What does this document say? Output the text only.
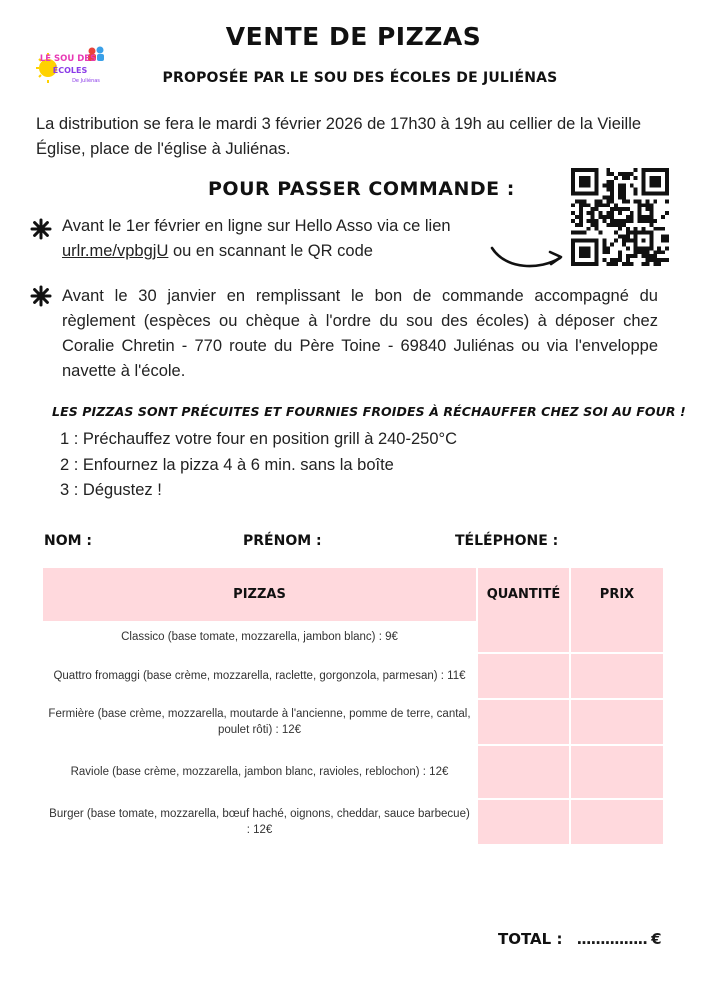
VENTE DE PIZZAS
LE SOU DES
ÉCOLES
De Juliénas	PROPOSÉE PAR LE SOU DES ÉCOLES DE JULIÉNAS
La distribution se fera le mardi 3 février 2026 de 17h30 à 19h au cellier de la Vieille Église, place de l'église à Juliénas.
POUR PASSER COMMANDE :
Avant le 1er février en ligne sur Hello Asso via ce lien
urlr.me/vpbgjU ou en scannant le QR code
Avant le 30 janvier en remplissant le bon de commande accompagné du règlement (espèces ou chèque à l'ordre du sou des écoles) à déposer chez Coralie Chretin - 770 route du Père Toine - 69840 Juliénas ou via l'enveloppe navette à l'école.
LES PIZZAS SONT PRÉCUITES ET FOURNIES FROIDES À RÉCHAUFFER CHEZ SOI AU FOUR !
1 : Préchauffez votre four en position grill à 240-250°C
2 : Enfournez la pizza 4 à 6 min. sans la boîte
3 : Dégustez !
NOM :	PRÉNOM :	TÉLÉPHONE :
PIZZAS	QUANTITÉ	PRIX
Classico (base tomate, mozzarella, jambon blanc) : 9€		
Quattro fromaggi (base crème, mozzarella, raclette, gorgonzola, parmesan) : 11€		
Fermière (base crème, mozzarella, moutarde à l'ancienne, pomme de terre, cantal, poulet rôti) : 12€		
Raviole (base crème, mozzarella, jambon blanc, ravioles, reblochon) : 12€		
Burger (base tomate, mozzarella, bœuf haché, oignons, cheddar, sauce barbecue) : 12€		
TOTAL : ............... €
